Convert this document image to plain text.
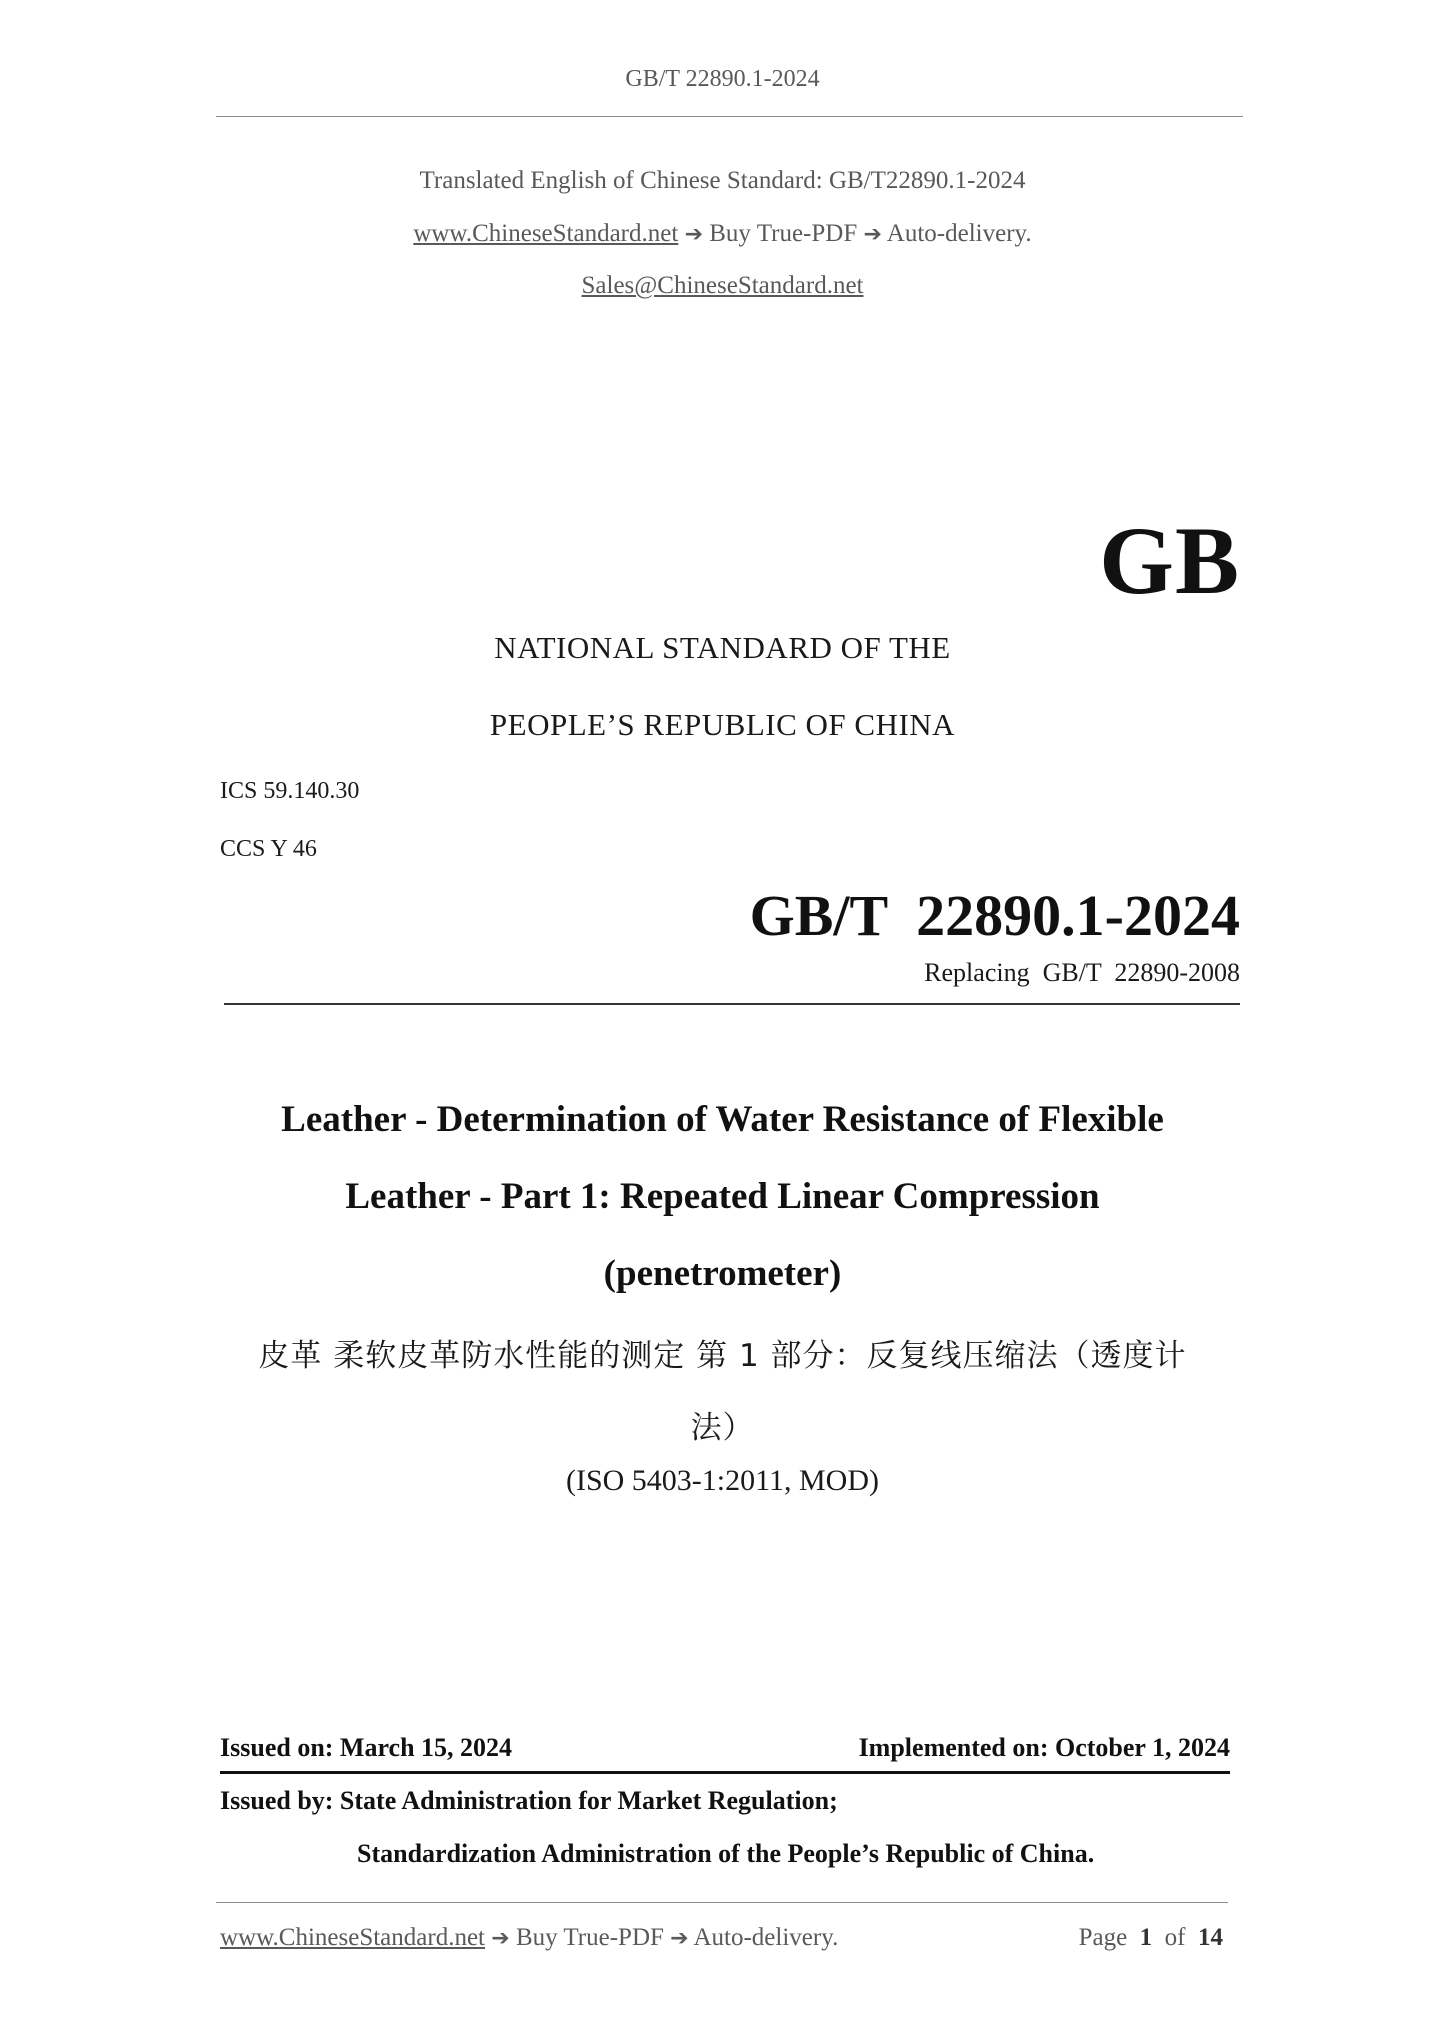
GB/T 22890.1-2024
Translated English of Chinese Standard: GB/T22890.1-2024
www.ChineseStandard.net ➔ Buy True-PDF ➔ Auto-delivery.
Sales@ChineseStandard.net
GB
NATIONAL STANDARD OF THE
PEOPLE’S REPUBLIC OF CHINA
ICS 59.140.30
CCS Y 46
GB/T  22890.1-2024
Replacing  GB/T  22890-2008
Leather - Determination of Water Resistance of Flexible
Leather - Part 1: Repeated Linear Compression
(penetrometer)
皮革 柔软皮革防水性能的测定 第 1 部分：反复线压缩法（透度计
法）
(ISO 5403-1:2011, MOD)
Issued on: March 15, 2024	Implemented on: October 1, 2024
Issued by: State Administration for Market Regulation;
Standardization Administration of the People’s Republic of China.
www.ChineseStandard.net ➔ Buy True-PDF ➔ Auto-delivery.	Page 1 of 14
